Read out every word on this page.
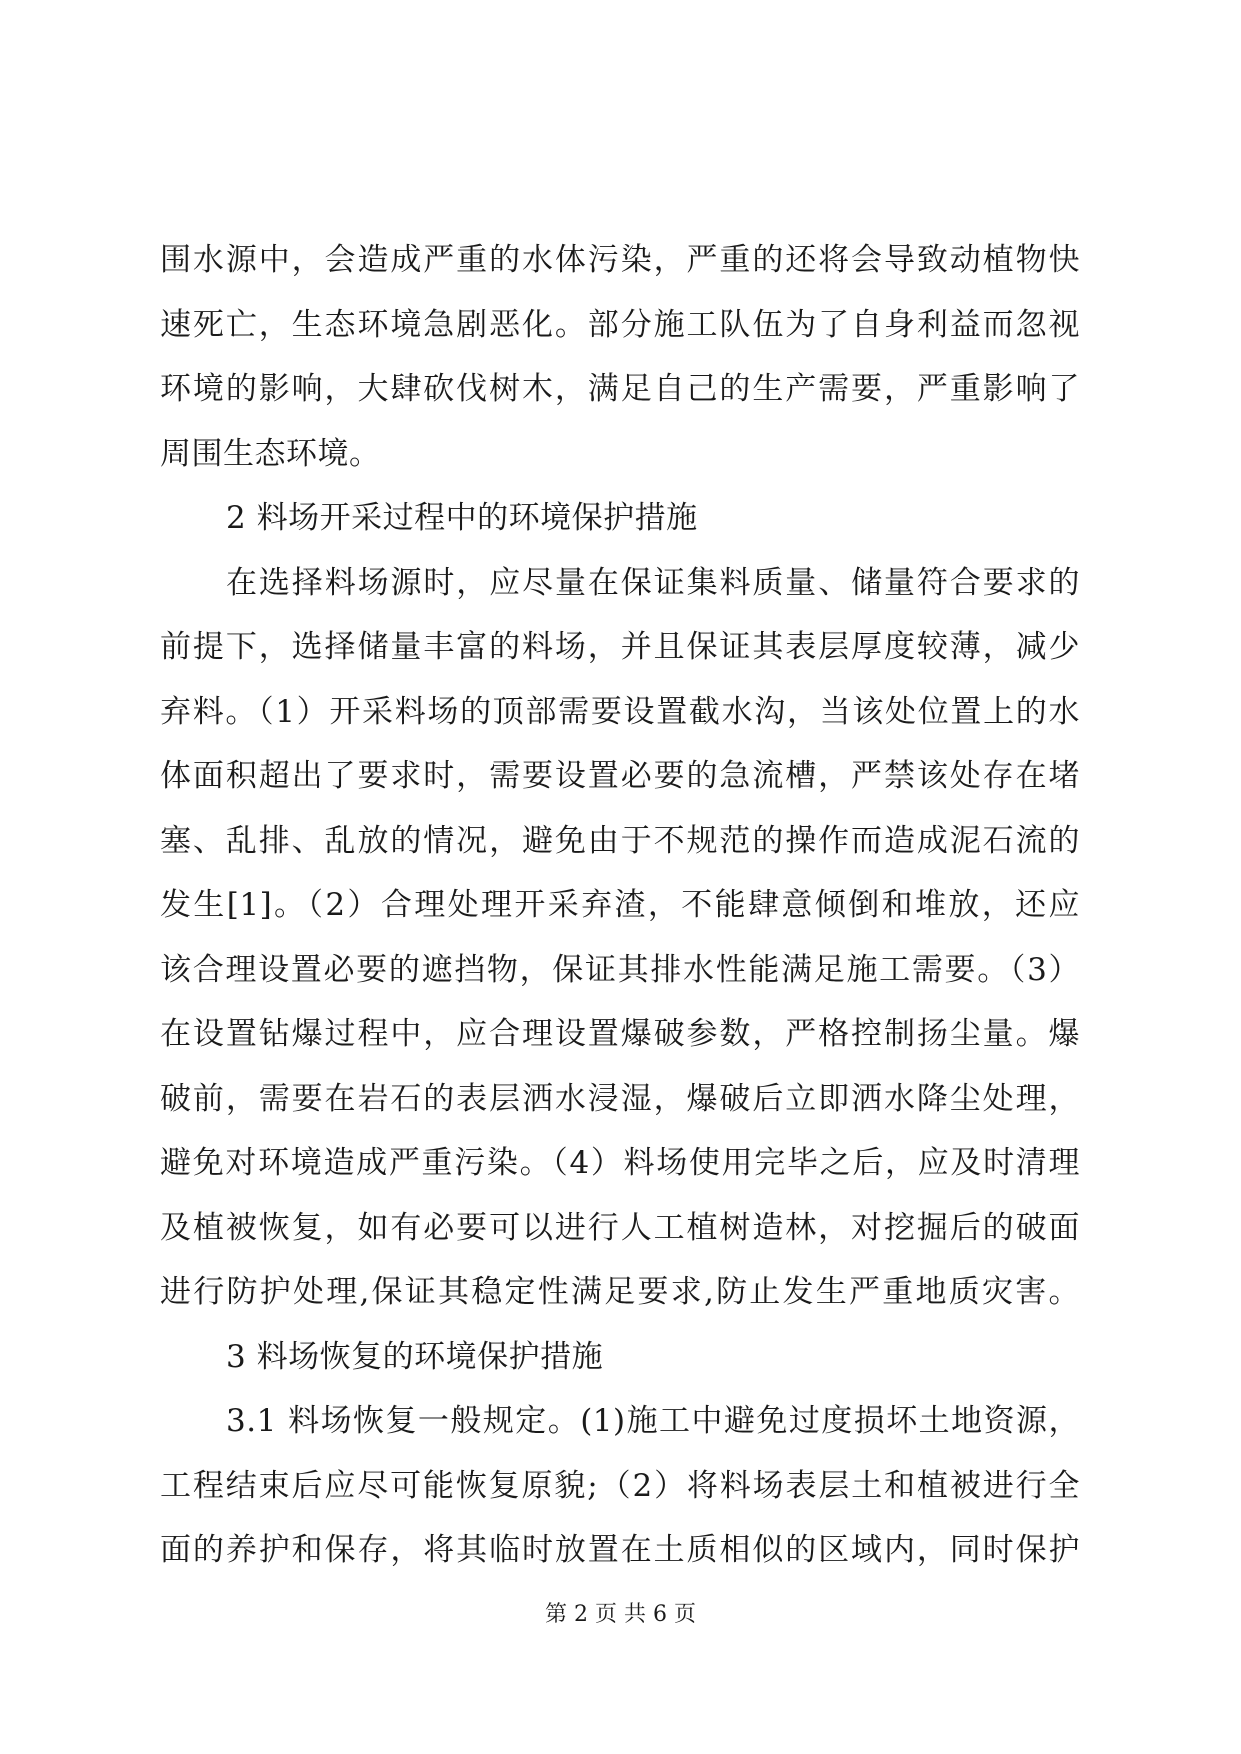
围水源中，会造成严重的水体污染，严重的还将会导致动植物快
速死亡，生态环境急剧恶化。部分施工队伍为了自身利益而忽视
环境的影响，大肆砍伐树木，满足自己的生产需要，严重影响了
周围生态环境。
2 料场开采过程中的环境保护措施
在选择料场源时，应尽量在保证集料质量、储量符合要求的
前提下，选择储量丰富的料场，并且保证其表层厚度较薄，减少
弃料。（1）开采料场的顶部需要设置截水沟，当该处位置上的水
体面积超出了要求时，需要设置必要的急流槽，严禁该处存在堵
塞、乱排、乱放的情况，避免由于不规范的操作而造成泥石流的
发生[1]。（2）合理处理开采弃渣，不能肆意倾倒和堆放，还应
该合理设置必要的遮挡物，保证其排水性能满足施工需要。（3）
在设置钻爆过程中，应合理设置爆破参数，严格控制扬尘量。爆
破前，需要在岩石的表层洒水浸湿，爆破后立即洒水降尘处理，
避免对环境造成严重污染。（4）料场使用完毕之后，应及时清理
及植被恢复，如有必要可以进行人工植树造林，对挖掘后的破面
进行防护处理,保证其稳定性满足要求,防止发生严重地质灾害。
3 料场恢复的环境保护措施
3.1 料场恢复一般规定。(1)施工中避免过度损坏土地资源，
工程结束后应尽可能恢复原貌;（2）将料场表层土和植被进行全
面的养护和保存，将其临时放置在土质相似的区域内，同时保护
第 2 页 共 6 页
